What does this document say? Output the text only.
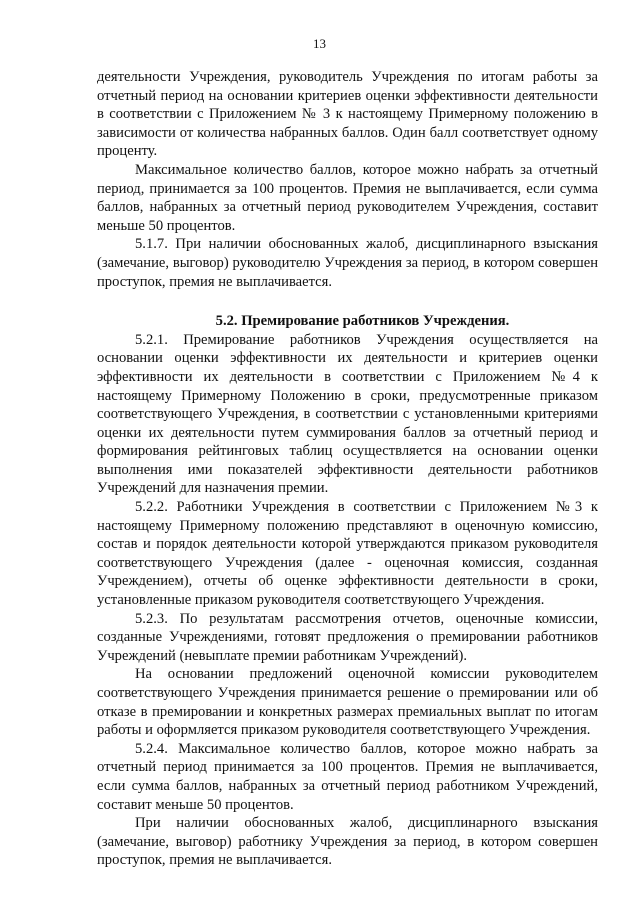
13

деятельности Учреждения, руководитель Учреждения по итогам работы за отчетный период на основании критериев оценки эффективности деятельности в соответствии с Приложением № 3 к настоящему Примерному положению в зависимости от количества набранных баллов. Один балл соответствует одному проценту.

Максимальное количество баллов, которое можно набрать за отчетный период, принимается за 100 процентов. Премия не выплачивается, если сумма баллов, набранных за отчетный период руководителем Учреждения, составит меньше 50 процентов.

5.1.7. При наличии обоснованных жалоб, дисциплинарного взыскания (замечание, выговор) руководителю Учреждения за период, в котором совершен проступок, премия не выплачивается.

5.2. Премирование работников Учреждения.

5.2.1. Премирование работников Учреждения осуществляется на основании оценки эффективности их деятельности и критериев оценки эффективности их деятельности в соответствии с Приложением №4 к настоящему Примерному Положению в сроки, предусмотренные приказом соответствующего Учреждения, в соответствии с установленными критериями оценки их деятельности путем суммирования баллов за отчетный период и формирования рейтинговых таблиц осуществляется на основании оценки выполнения ими показателей эффективности деятельности работников Учреждений для назначения премии.

5.2.2. Работники Учреждения в соответствии с Приложением №3 к настоящему Примерному положению представляют в оценочную комиссию, состав и порядок деятельности которой утверждаются приказом руководителя соответствующего Учреждения (далее - оценочная комиссия, созданная Учреждением), отчеты об оценке эффективности деятельности в сроки, установленные приказом руководителя соответствующего Учреждения.

5.2.3. По результатам рассмотрения отчетов, оценочные комиссии, созданные Учреждениями, готовят предложения о премировании работников Учреждений (невыплате премии работникам Учреждений).

На основании предложений оценочной комиссии руководителем соответствующего Учреждения принимается решение о премировании или об отказе в премировании и конкретных размерах премиальных выплат по итогам работы и оформляется приказом руководителя соответствующего Учреждения.

5.2.4. Максимальное количество баллов, которое можно набрать за отчетный период принимается за 100 процентов. Премия не выплачивается, если сумма баллов, набранных за отчетный период работником Учреждений, составит меньше 50 процентов.

При наличии обоснованных жалоб, дисциплинарного взыскания (замечание, выговор) работнику Учреждения за период, в котором совершен проступок, премия не выплачивается.
